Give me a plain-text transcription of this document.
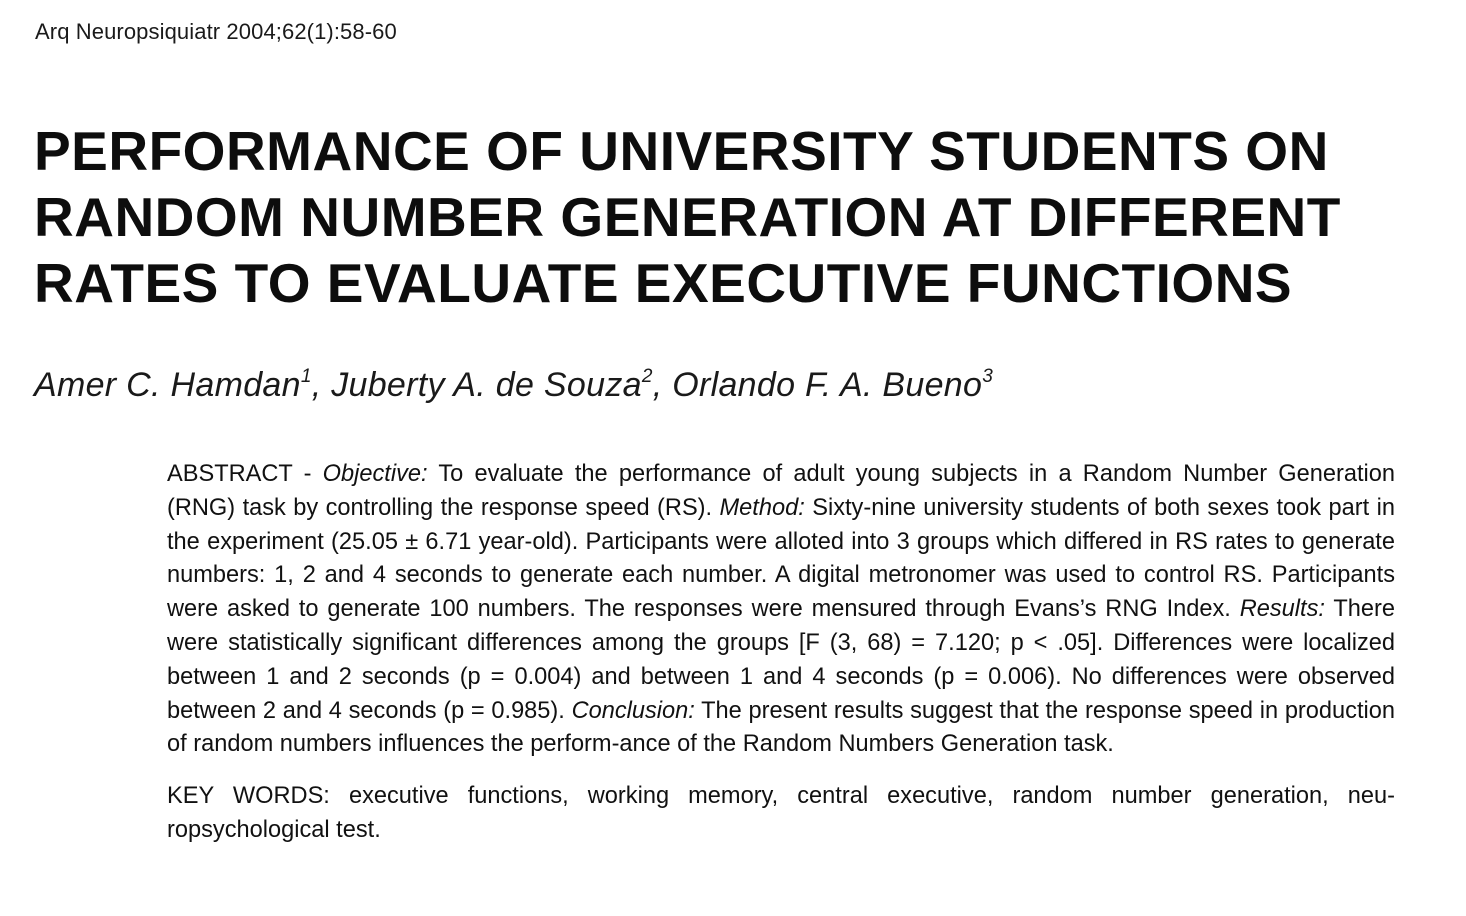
Arq Neuropsiquiatr 2004;62(1):58-60
PERFORMANCE OF UNIVERSITY STUDENTS ON
RANDOM NUMBER GENERATION AT DIFFERENT
RATES TO EVALUATE EXECUTIVE FUNCTIONS
Amer C. Hamdan$^1$, Juberty A. de Souza$^2$, Orlando F. A. Bueno$^3$

ABSTRACT - Objective: To evaluate the performance of adult young subjects in a Random Number Generation (RNG) task by controlling the response speed (RS). Method: Sixty-nine university students of both sexes took part in the experiment (25.05 ± 6.71 year-old). Participants were alloted into 3 groups which differed in RS rates to generate numbers: 1, 2 and 4 seconds to generate each number. A digital metronomer was used to control RS. Participants were asked to generate 100 numbers. The responses were mensured through Evans’s RNG Index. Results: There were statistically significant differences among the groups [F (3, 68) = 7.120; p < .05]. Differences were localized between 1 and 2 seconds (p = 0.004) and between 1 and 4 seconds (p = 0.006). No differences were observed between 2 and 4 seconds (p = 0.985). Conclusion: The present results suggest that the response speed in production of random numbers influences the perform-ance of the Random Numbers Generation task.

KEY WORDS: executive functions, working memory, central executive, random number generation, neu-ropsychological test.
